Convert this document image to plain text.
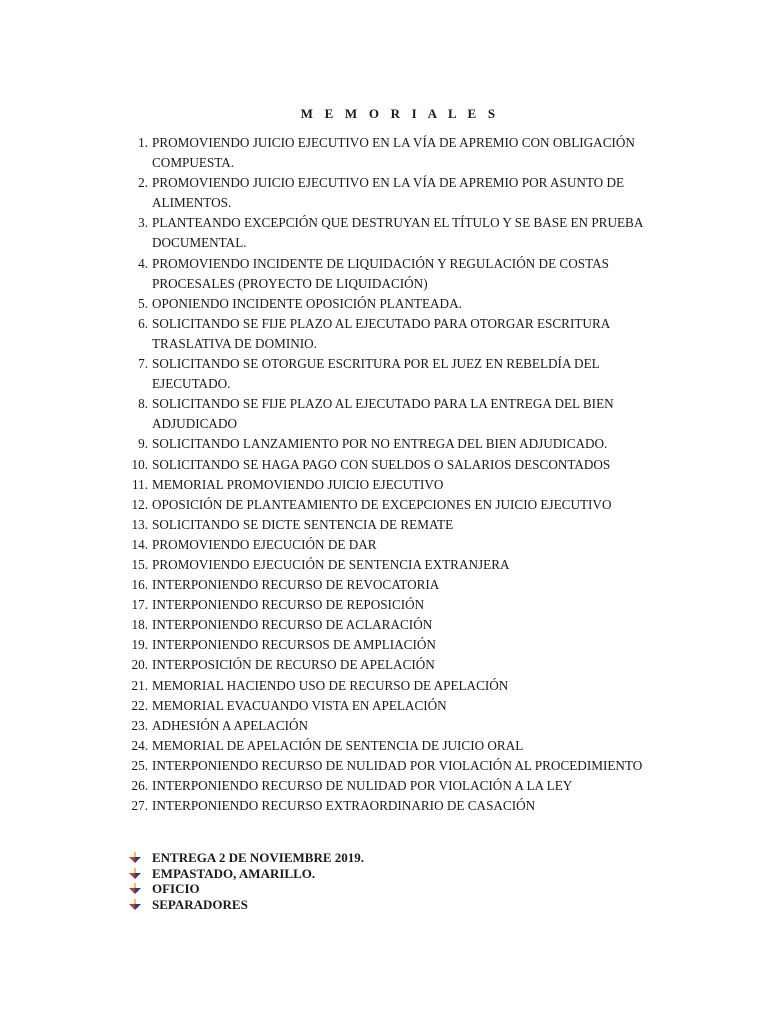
M E M O R I A L E S
1. PROMOVIENDO JUICIO EJECUTIVO EN LA VÍA DE APREMIO CON OBLIGACIÓN COMPUESTA.
2. PROMOVIENDO JUICIO EJECUTIVO EN LA VÍA DE APREMIO POR ASUNTO DE ALIMENTOS.
3. PLANTEANDO EXCEPCIÓN QUE DESTRUYAN EL TÍTULO Y SE BASE EN PRUEBA DOCUMENTAL.
4. PROMOVIENDO INCIDENTE DE LIQUIDACIÓN Y REGULACIÓN DE COSTAS PROCESALES (PROYECTO DE LIQUIDACIÓN)
5. OPONIENDO INCIDENTE OPOSICIÓN PLANTEADA.
6. SOLICITANDO SE FIJE PLAZO AL EJECUTADO PARA OTORGAR ESCRITURA TRASLATIVA DE DOMINIO.
7. SOLICITANDO SE OTORGUE ESCRITURA POR EL JUEZ EN REBELDÍA DEL EJECUTADO.
8. SOLICITANDO SE FIJE PLAZO AL EJECUTADO PARA LA ENTREGA DEL BIEN ADJUDICADO
9. SOLICITANDO LANZAMIENTO POR NO ENTREGA DEL BIEN ADJUDICADO.
10. SOLICITANDO SE HAGA PAGO CON SUELDOS O SALARIOS DESCONTADOS
11. MEMORIAL PROMOVIENDO JUICIO EJECUTIVO
12. OPOSICIÓN DE PLANTEAMIENTO DE EXCEPCIONES EN JUICIO EJECUTIVO
13. SOLICITANDO SE DICTE SENTENCIA DE REMATE
14. PROMOVIENDO EJECUCIÓN DE DAR
15. PROMOVIENDO EJECUCIÓN DE SENTENCIA EXTRANJERA
16. INTERPONIENDO RECURSO DE REVOCATORIA
17. INTERPONIENDO RECURSO DE REPOSICIÓN
18. INTERPONIENDO RECURSO DE ACLARACIÓN
19. INTERPONIENDO RECURSOS DE AMPLIACIÓN
20. INTERPOSICIÓN DE RECURSO DE APELACIÓN
21. MEMORIAL HACIENDO USO DE RECURSO DE APELACIÓN
22. MEMORIAL EVACUANDO VISTA EN APELACIÓN
23. ADHESIÓN A APELACIÓN
24. MEMORIAL DE APELACIÓN DE SENTENCIA DE JUICIO ORAL
25. INTERPONIENDO RECURSO DE NULIDAD POR VIOLACIÓN AL PROCEDIMIENTO
26. INTERPONIENDO RECURSO DE NULIDAD POR VIOLACIÓN A LA LEY
27. INTERPONIENDO RECURSO EXTRAORDINARIO DE CASACIÓN
ENTREGA 2 DE NOVIEMBRE 2019.
EMPASTADO, AMARILLO.
OFICIO
SEPARADORES
